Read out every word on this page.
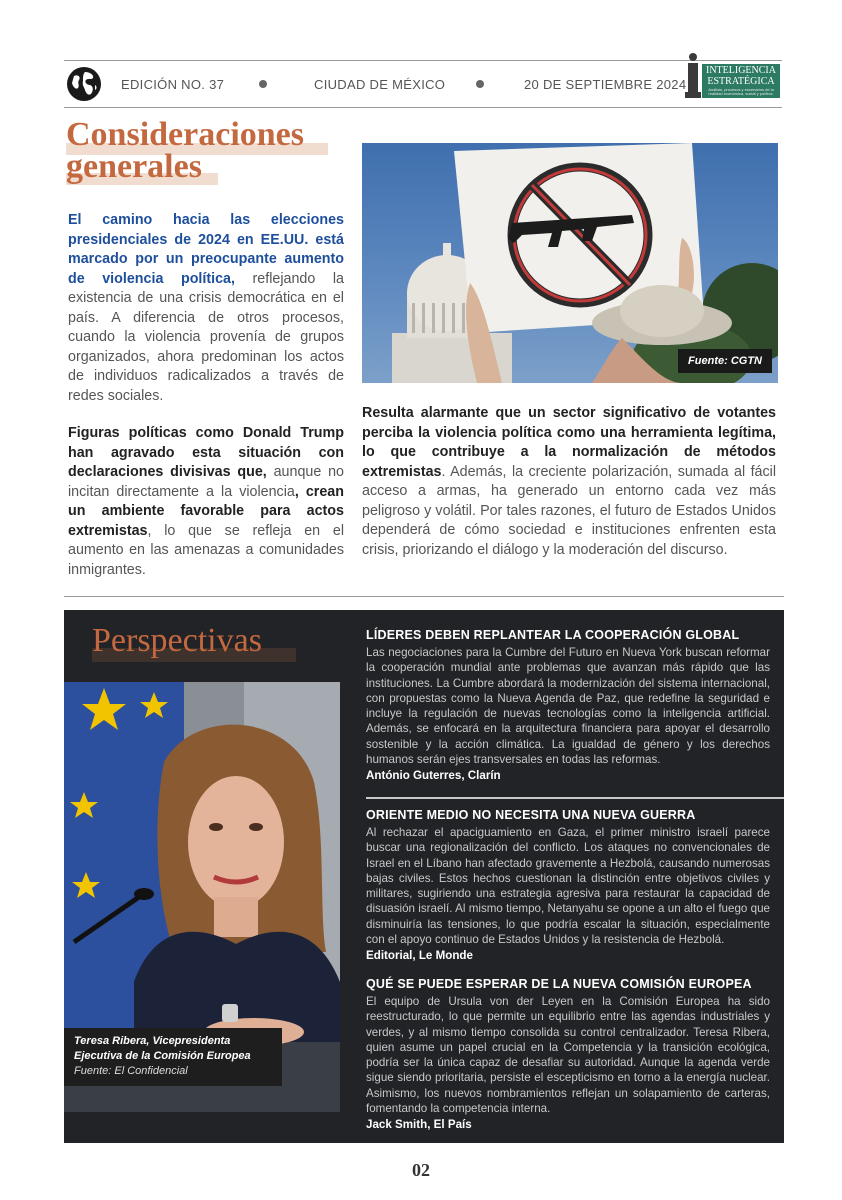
EDICIÓN NO. 37	CIUDAD DE MÉXICO	20 DE SEPTIEMBRE 2024
INTELIGENCIA
ESTRATÉGICA
Análisis, procesos y escenarios de la realidad económica, social y política.
Consideraciones
generales
El camino hacia las elecciones presidenciales de 2024 en EE.UU. está marcado por un preocupante aumento de violencia política, reflejando la existencia de una crisis democrática en el país. A diferencia de otros procesos, cuando la violencia provenía de grupos organizados, ahora predominan los actos de individuos radicalizados a través de redes sociales.
Figuras políticas como Donald Trump han agravado esta situación con declaraciones divisivas que, aunque no incitan directamente a la violencia, crean un ambiente favorable para actos extremistas, lo que se refleja en el aumento en las amenazas a comunidades inmigrantes.
Fuente: CGTN
Resulta alarmante que un sector significativo de votantes perciba la violencia política como una herramienta legítima, lo que contribuye a la normalización de métodos extremistas. Además, la creciente polarización, sumada al fácil acceso a armas, ha generado un entorno cada vez más peligroso y volátil. Por tales razones, el futuro de Estados Unidos dependerá de cómo sociedad e instituciones enfrenten esta crisis, priorizando el diálogo y la moderación del discurso.
Perspectivas
Teresa Ribera, Vicepresidenta Ejecutiva de la Comisión Europea
Fuente: El Confidencial
LÍDERES DEBEN REPLANTEAR LA COOPERACIÓN GLOBAL
Las negociaciones para la Cumbre del Futuro en Nueva York buscan reformar la cooperación mundial ante problemas que avanzan más rápido que las instituciones. La Cumbre abordará la modernización del sistema internacional, con propuestas como la Nueva Agenda de Paz, que redefine la seguridad e incluye la regulación de nuevas tecnologías como la inteligencia artificial. Además, se enfocará en la arquitectura financiera para apoyar el desarrollo sostenible y la acción climática. La igualdad de género y los derechos humanos serán ejes transversales en todas las reformas.
António Guterres, Clarín
ORIENTE MEDIO NO NECESITA UNA NUEVA GUERRA
Al rechazar el apaciguamiento en Gaza, el primer ministro israelí parece buscar una regionalización del conflicto. Los ataques no convencionales de Israel en el Líbano han afectado gravemente a Hezbolá, causando numerosas bajas civiles. Estos hechos cuestionan la distinción entre objetivos civiles y militares, sugiriendo una estrategia agresiva para restaurar la capacidad de disuasión israelí. Al mismo tiempo, Netanyahu se opone a un alto el fuego que disminuiría las tensiones, lo que podría escalar la situación, especialmente con el apoyo continuo de Estados Unidos y la resistencia de Hezbolá.
Editorial, Le Monde
QUÉ SE PUEDE ESPERAR DE LA NUEVA COMISIÓN EUROPEA
El equipo de Ursula von der Leyen en la Comisión Europea ha sido reestructurado, lo que permite un equilibrio entre las agendas industriales y verdes, y al mismo tiempo consolida su control centralizador. Teresa Ribera, quien asume un papel crucial en la Competencia y la transición ecológica, podría ser la única capaz de desafiar su autoridad. Aunque la agenda verde sigue siendo prioritaria, persiste el escepticismo en torno a la energía nuclear. Asimismo, los nuevos nombramientos reflejan un solapamiento de carteras, fomentando la competencia interna.
Jack Smith, El País
02
